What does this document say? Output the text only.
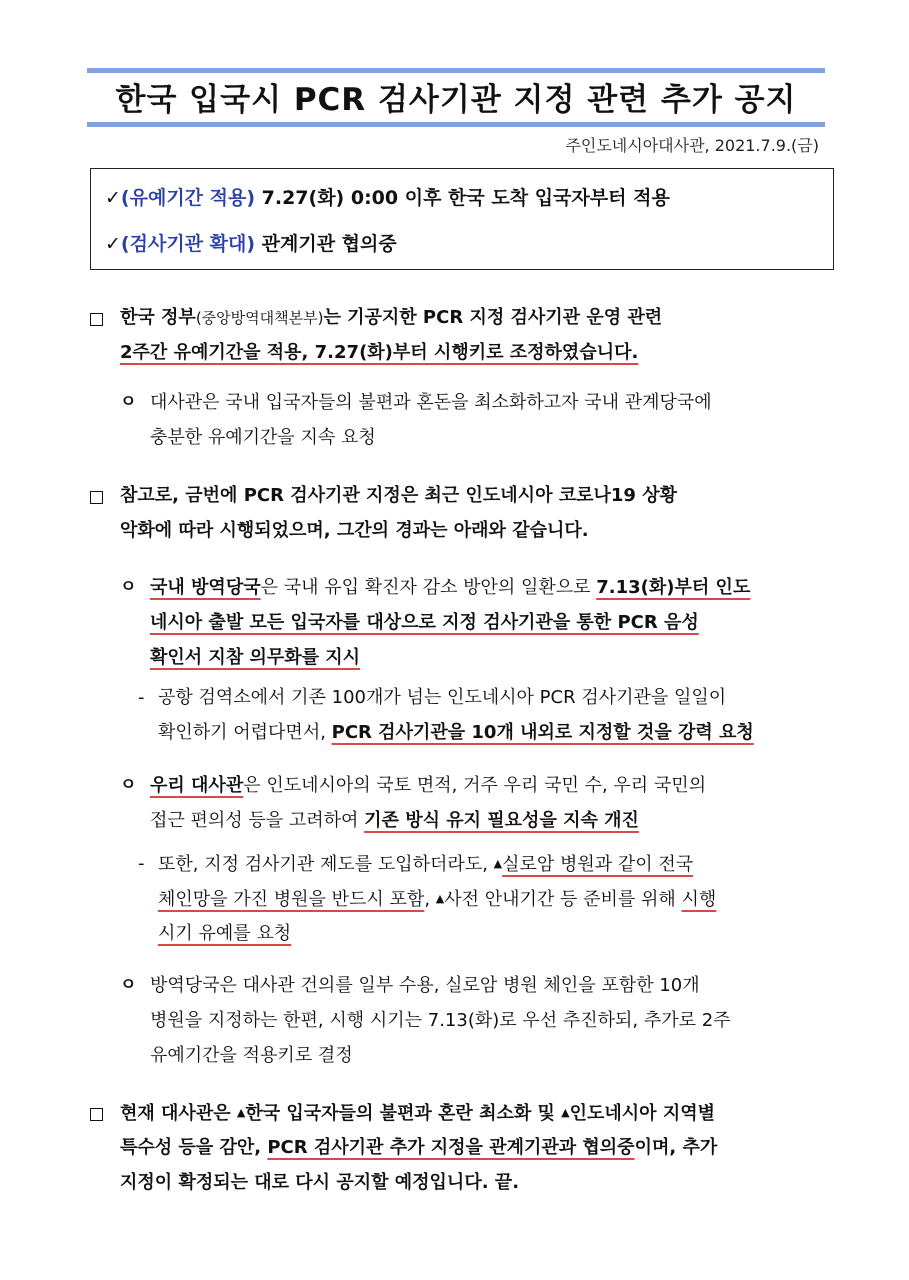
한국 입국시 PCR 검사기관 지정 관련 추가 공지
주인도네시아대사관, 2021.7.9.(금)
✓(유예기간 적용) 7.27(화) 0:00 이후 한국 도착 입국자부터 적용
✓(검사기관 확대) 관계기관 협의중
한국 정부(중앙방역대책본부)는 기공지한 PCR 지정 검사기관 운영 관련
2주간 유예기간을 적용, 7.27(화)부터 시행키로 조정하였습니다.
ㅇ 대사관은 국내 입국자들의 불편과 혼돈을 최소화하고자 국내 관계당국에
충분한 유예기간을 지속 요청
참고로, 금번에 PCR 검사기관 지정은 최근 인도네시아 코로나19 상황
악화에 따라 시행되었으며, 그간의 경과는 아래와 같습니다.
ㅇ 국내 방역당국은 국내 유입 확진자 감소 방안의 일환으로 7.13(화)부터 인도
네시아 출발 모든 입국자를 대상으로 지정 검사기관을 통한 PCR 음성
확인서 지참 의무화를 지시
- 공항 검역소에서 기존 100개가 넘는 인도네시아 PCR 검사기관을 일일이
확인하기 어렵다면서, PCR 검사기관을 10개 내외로 지정할 것을 강력 요청
ㅇ 우리 대사관은 인도네시아의 국토 면적, 거주 우리 국민 수, 우리 국민의
접근 편의성 등을 고려하여 기존 방식 유지 필요성을 지속 개진
- 또한, 지정 검사기관 제도를 도입하더라도, ▲실로암 병원과 같이 전국
체인망을 가진 병원을 반드시 포함, ▲사전 안내기간 등 준비를 위해 시행
시기 유예를 요청
ㅇ 방역당국은 대사관 건의를 일부 수용, 실로암 병원 체인을 포함한 10개
병원을 지정하는 한편, 시행 시기는 7.13(화)로 우선 추진하되, 추가로 2주
유예기간을 적용키로 결정
현재 대사관은 ▲한국 입국자들의 불편과 혼란 최소화 및 ▲인도네시아 지역별
특수성 등을 감안, PCR 검사기관 추가 지정을 관계기관과 협의중이며, 추가
지정이 확정되는 대로 다시 공지할 예정입니다. 끝.
